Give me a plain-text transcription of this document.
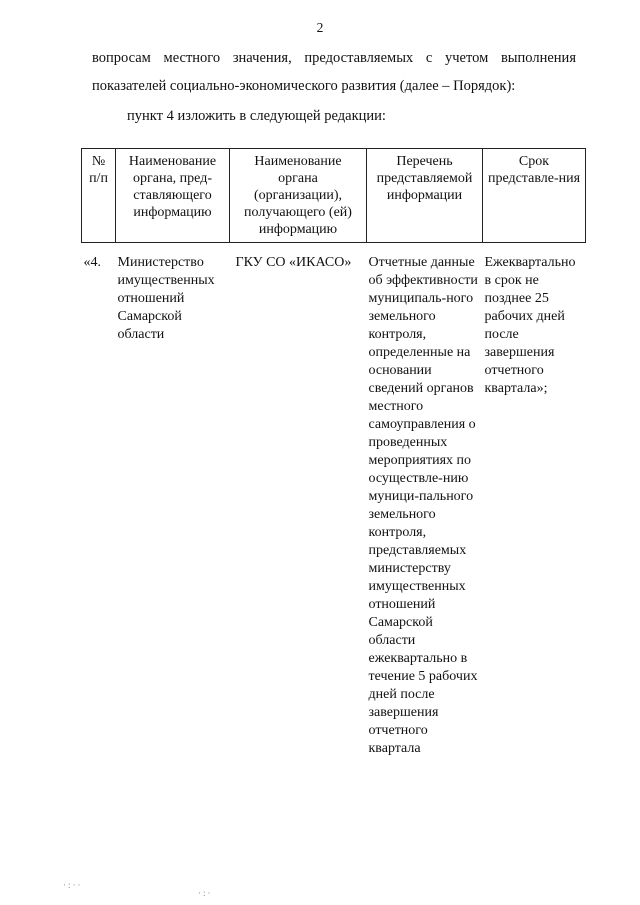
2
вопросам местного значения, предоставляемых с учетом выполнения
показателей социально-экономического развития (далее – Порядок):
пункт 4 изложить в следующей редакции:
№ п/п	Наименование органа, пред-ставляющего информацию	Наименование органа (организации), получающего (ей) информацию	Перечень представляемой информации	Срок представле-ния

«4.	Министерство имущественных отношений Самарской области	ГКУ СО «ИКАСО»	Отчетные данные об эффективности муниципаль-ного земельного контроля, определенные на основании сведений органов местного самоуправления о проведенных мероприятиях по осуществле-нию муници-пального земельного контроля, представляемых министерству имущественных отношений Самарской области ежеквартально в течение 5 рабочих дней после завершения отчетного квартала	Ежеквартально в срок не позднее 25 рабочих дней после завершения отчетного квартала»;
·:··
·:·
